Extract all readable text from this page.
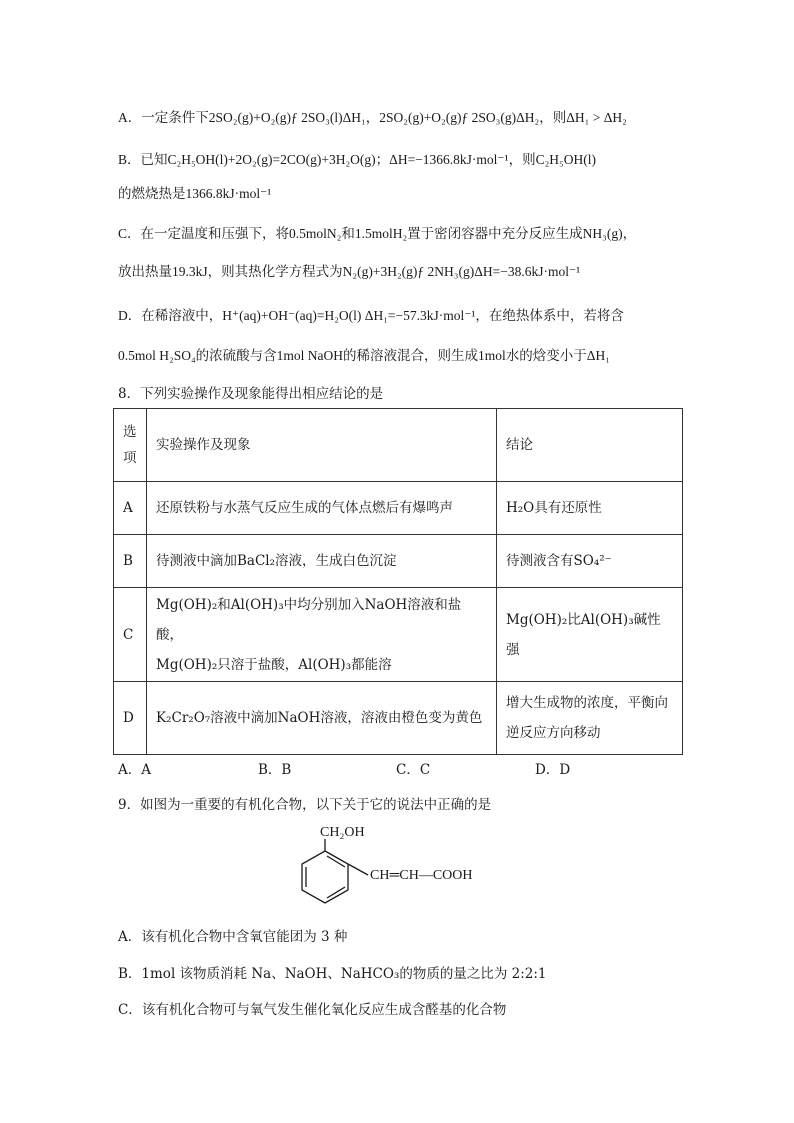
A．一定条件下2SO₂(g)+O₂(g)ƒ 2SO₃(l)ΔH₁，2SO₂(g)+O₂(g)ƒ 2SO₃(g)ΔH₂，则ΔH₁ > ΔH₂
B．已知C₂H₅OH(l)+2O₂(g)=2CO(g)+3H₂O(g)；ΔH=−1366.8kJ·mol⁻¹，则C₂H₅OH(l)
的燃烧热是1366.8kJ·mol⁻¹
C．在一定温度和压强下，将0.5molN₂和1.5molH₂置于密闭容器中充分反应生成NH₃(g)，
放出热量19.3kJ，则其热化学方程式为N₂(g)+3H₂(g)ƒ 2NH₃(g)ΔH=−38.6kJ·mol⁻¹
D．在稀溶液中，H⁺(aq)+OH⁻(aq)=H₂O(l) ΔH₁=−57.3kJ·mol⁻¹，在绝热体系中，若将含
0.5mol H₂SO₄的浓硫酸与含1mol NaOH的稀溶液混合，则生成1mol水的焓变小于ΔH₁
8．下列实验操作及现象能得出相应结论的是
选
项	实验操作及现象	结论
A	还原铁粉与水蒸气反应生成的气体点燃后有爆鸣声	H₂O具有还原性
B	待测液中滴加BaCl₂溶液，生成白色沉淀	待测液含有SO₄²⁻
C	Mg(OH)₂和Al(OH)₃中均分别加入NaOH溶液和盐酸，
Mg(OH)₂只溶于盐酸，Al(OH)₃都能溶	Mg(OH)₂比Al(OH)₃碱性强
D	K₂Cr₂O₇溶液中滴加NaOH溶液，溶液由橙色变为黄色	增大生成物的浓度，平衡向
逆反应方向移动
A．A	B．B	C．C	D．D
9．如图为一重要的有机化合物，以下关于它的说法中正确的是
CH₂OH
CH═CH—COOH
A．该有机化合物中含氧官能团为 3 种
B．1mol 该物质消耗 Na、NaOH、NaHCO₃的物质的量之比为 2:2:1
C．该有机化合物可与氧气发生催化氧化反应生成含醛基的化合物
